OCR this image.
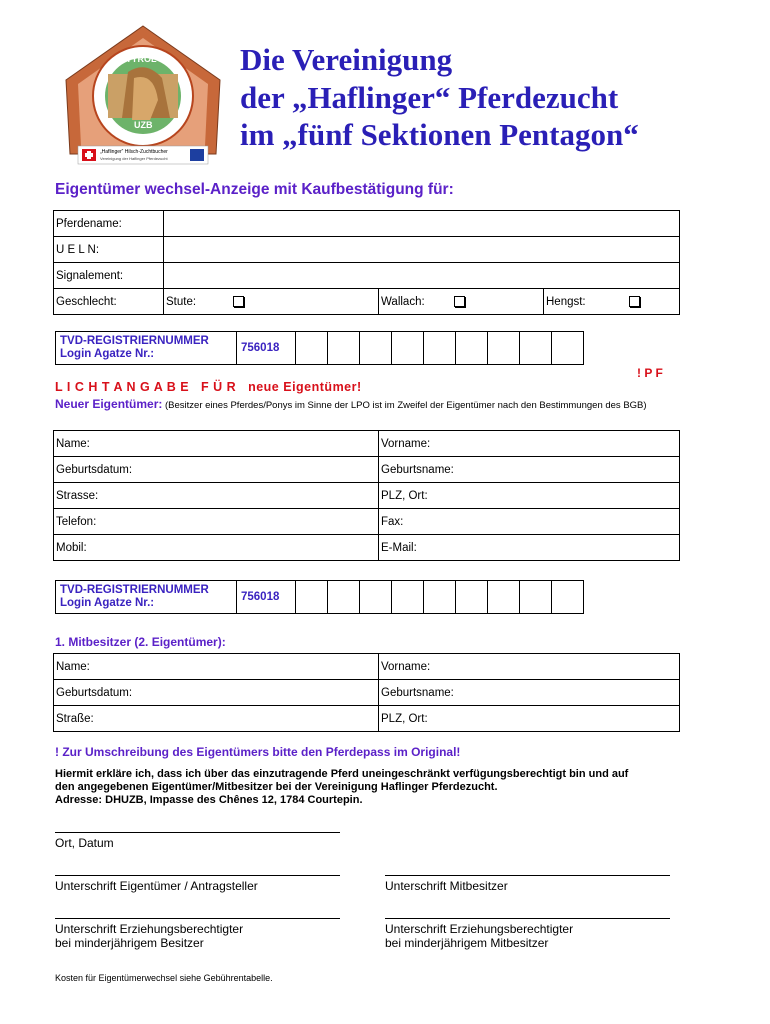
TYROL
UZB
„Haflinger“ Hilsch-Zuchtbucher
Vereinigung der Haflinger Pferdezucht
Die Vereinigung
der „Haflinger“ Pferdezucht
im „fünf Sektionen Pentagon“
Eigentümer wechsel-Anzeige mit Kaufbestätigung für:
Pferdename:			
U E L N:			
Signalement:			
Geschlecht:	Stute:	Wallach:	Hengst:
TVD-REGISTRIERNUMMER
Login Agatze Nr.:	756018									
! P F
L I C H T A N G A B E   F Ü R   neue Eigentümer!
Neuer Eigentümer: (Besitzer eines Pferdes/Ponys im Sinne der LPO ist im Zweifel der Eigentümer nach den Bestimmungen des BGB)
Name:	Vorname:
Geburtsdatum:	Geburtsname:
Strasse:	PLZ, Ort:
Telefon:	Fax:
Mobil:	E-Mail:
TVD-REGISTRIERNUMMER
Login Agatze Nr.:	756018									
1. Mitbesitzer (2. Eigentümer):
Name:	Vorname:
Geburtsdatum:	Geburtsname:
Straße:	PLZ, Ort:
! Zur Umschreibung des Eigentümers bitte den Pferdepass im Original!
Hiermit erkläre ich, dass ich über das einzutragende Pferd uneingeschränkt verfügungsberechtigt bin und auf
den angegebenen Eigentümer/Mitbesitzer bei der Vereinigung Haflinger Pferdezucht.
Adresse: DHUZB, Impasse des Chênes 12, 1784 Courtepin.
Ort, Datum
Unterschrift Eigentümer / Antragsteller	Unterschrift Mitbesitzer
Unterschrift Erziehungsberechtigter
bei minderjährigem Besitzer
Unterschrift Erziehungsberechtigter
bei minderjährigem Mitbesitzer
Kosten für Eigentümerwechsel siehe Gebührentabelle.
